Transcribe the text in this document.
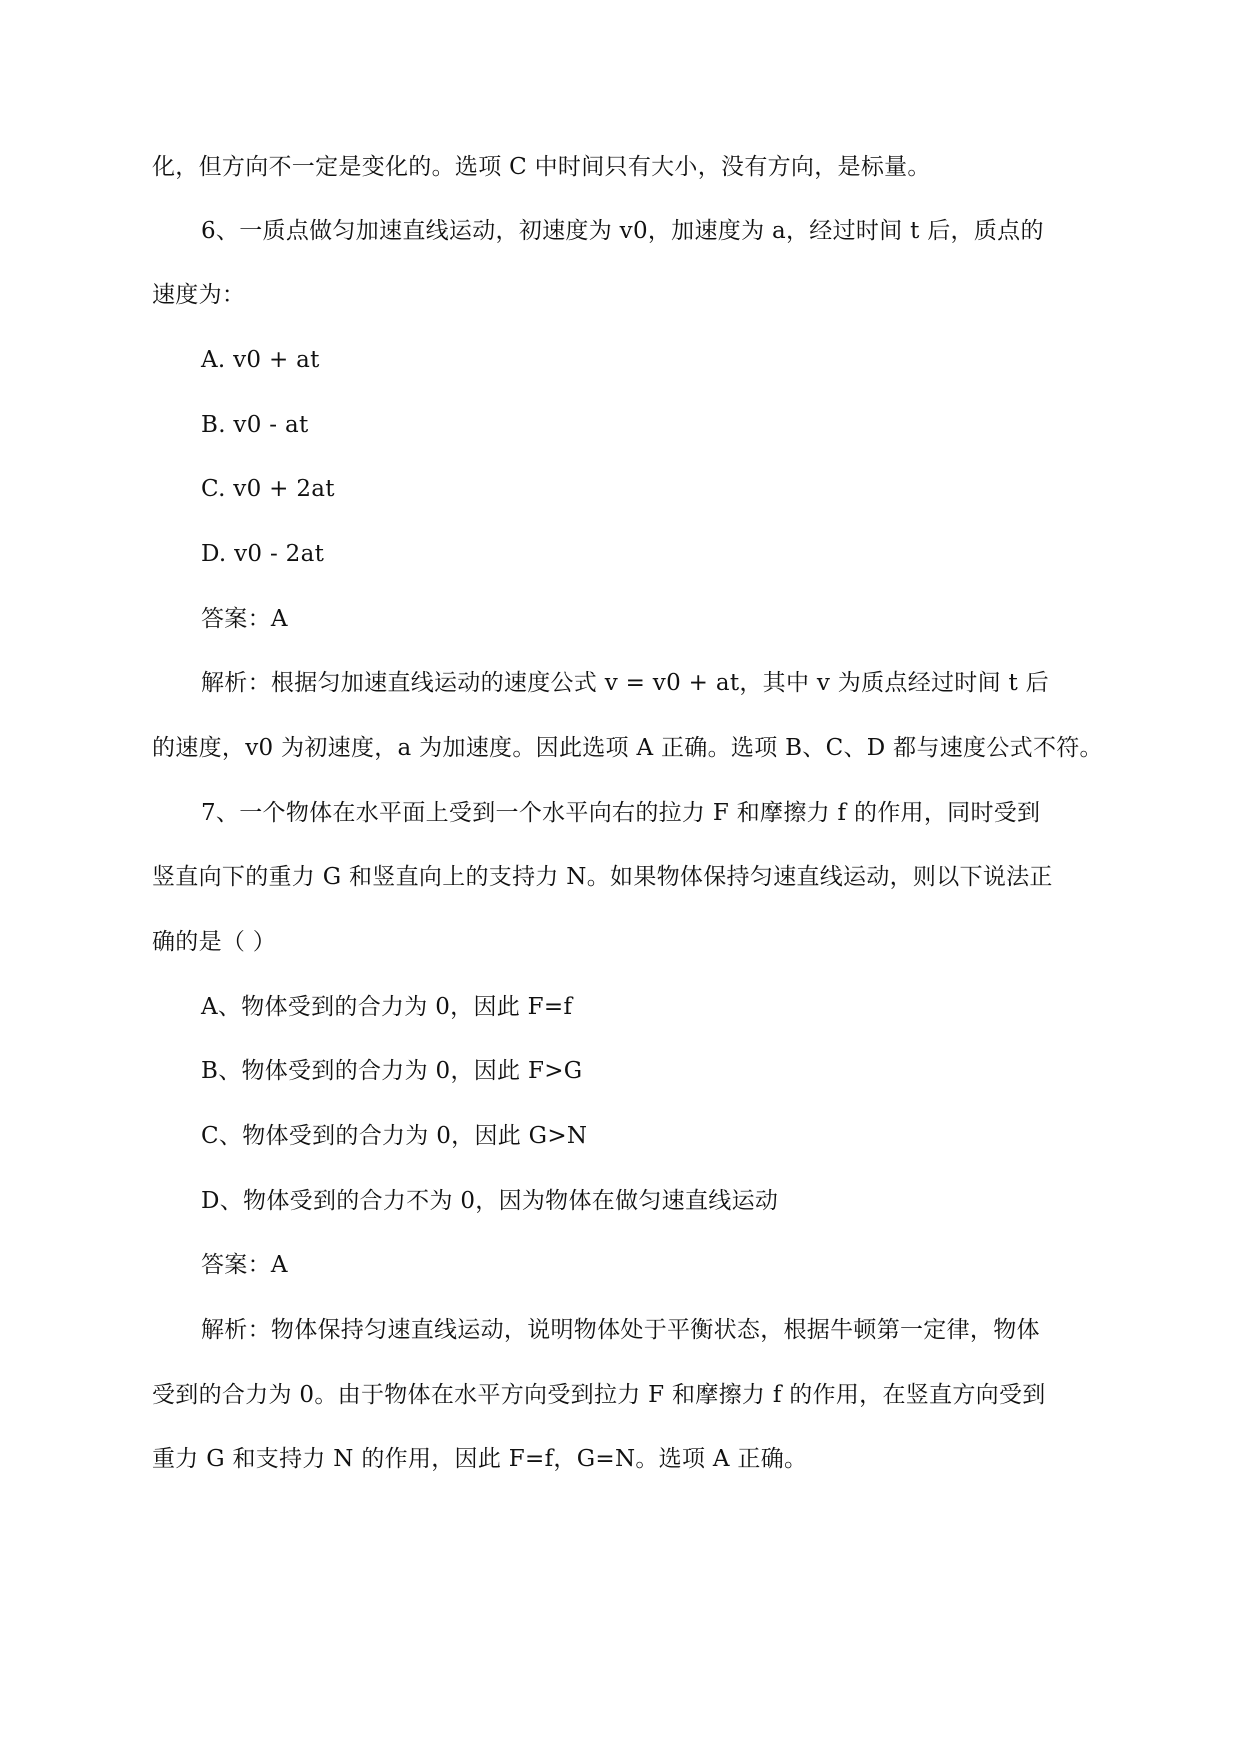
化，但方向不一定是变化的。选项 C 中时间只有大小，没有方向，是标量。
6、一质点做匀加速直线运动，初速度为 v0，加速度为 a，经过时间 t 后，质点的
速度为：
A. v0 + at
B. v0 - at
C. v0 + 2at
D. v0 - 2at
答案：A
解析：根据匀加速直线运动的速度公式 v = v0 + at，其中 v 为质点经过时间 t 后
的速度，v0 为初速度，a 为加速度。因此选项 A 正确。选项 B、C、D 都与速度公式不符。
7、一个物体在水平面上受到一个水平向右的拉力 F 和摩擦力 f 的作用，同时受到
竖直向下的重力 G 和竖直向上的支持力 N。如果物体保持匀速直线运动，则以下说法正
确的是（ ）
A、物体受到的合力为 0，因此 F=f
B、物体受到的合力为 0，因此 F>G
C、物体受到的合力为 0，因此 G>N
D、物体受到的合力不为 0，因为物体在做匀速直线运动
答案：A
解析：物体保持匀速直线运动，说明物体处于平衡状态，根据牛顿第一定律，物体
受到的合力为 0。由于物体在水平方向受到拉力 F 和摩擦力 f 的作用，在竖直方向受到
重力 G 和支持力 N 的作用，因此 F=f，G=N。选项 A 正确。
